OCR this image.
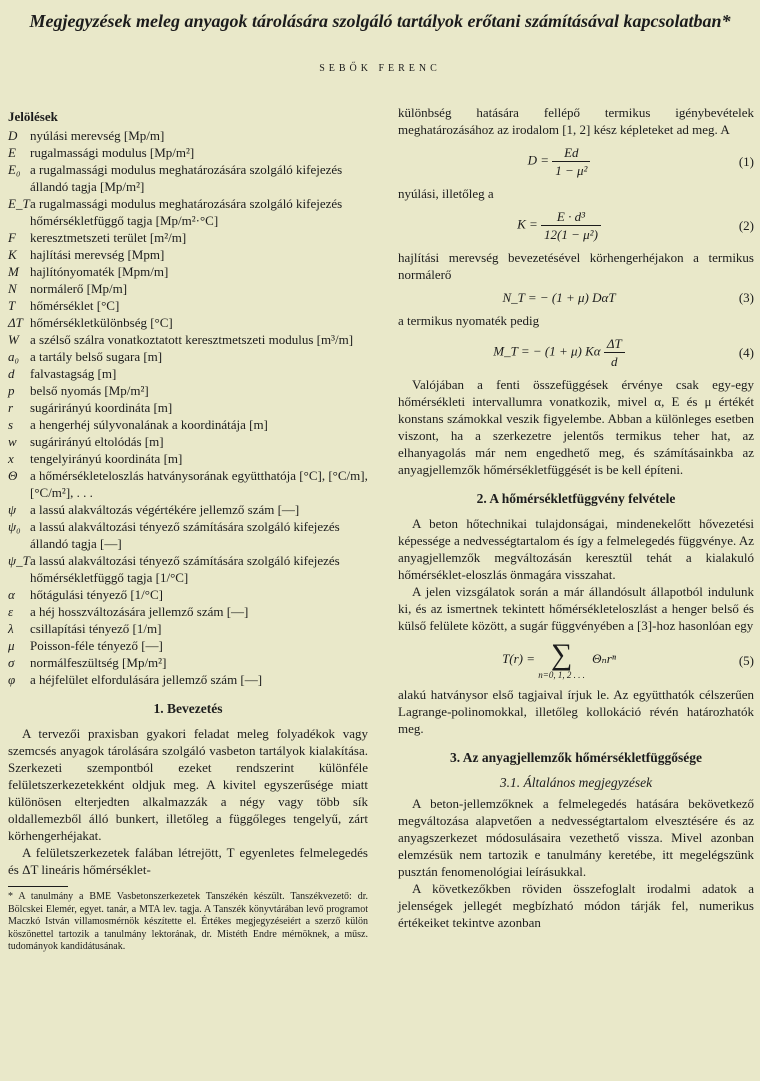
Megjegyzések meleg anyagok tárolására szolgáló tartályok erőtani számításával kapcsolatban*
SEBŐK FERENC
Jelölések
D nyúlási merevség [Mp/m]
E	rugalmassági modulus [Mp/m²]
E₀ a rugalmassági modulus meghatározására szolgáló kifejezés állandó tagja [Mp/m²]
E_T a rugalmassági modulus meghatározására szolgáló kifejezés hőmérsékletfüggő tagja [Mp/m²·°C]
F	keresztmetszeti terület [m²/m]
K	hajlítási merevség [Mpm]
M hajlítónyomaték [Mpm/m]
N	normálerő [Mp/m]
T	hőmérséklet [°C]
ΔT hőmérsékletkülönbség [°C]
W a szélső szálra vonatkoztatott keresztmetszeti modulus [m³/m]
a₀ a tartály belső sugara [m]
d	falvastagság [m]
p	belső nyomás [Mp/m²]
r	sugárirányú koordináta [m]
s	a hengerhéj súlyvonalának a koordinátája [m]
w	sugárirányú eltolódás [m]
x	tengelyirányú koordináta [m]
Θ a hőmérsékleteloszlás hatványsorának együtthatója [°C], [°C/m], [°C/m²], . . .
ψ	a lassú alakváltozás végértékére jellemző szám [—]
ψ₀ a lassú alakváltozási tényező számítására szolgáló kifejezés állandó tagja [—]
ψ_T a lassú alakváltozási tényező számítására szolgáló kifejezés hőmérsékletfüggő tagja [1/°C]
α	hőtágulási tényező [1/°C]
ε	a héj hosszváltozására jellemző szám [—]
λ	csillapítási tényező [1/m]
μ	Poisson-féle tényező [—]
σ	normálfeszültség [Mp/m²]
φ	a héjfelület elfordulására jellemző szám [—]
1. Bevezetés

A tervezői praxisban gyakori feladat meleg folyadékok vagy szemcsés anyagok tárolására szolgáló vasbeton tartályok kialakítása. Szerkezeti szempontból ezeket rendszerint különféle felületszerkezetekként oldjuk meg. A kivitel egyszerűsége miatt különösen elterjedten alkalmazzák a négy vagy több sík oldallemezből álló bunkert, illetőleg a függőleges tengelyű, zárt körhengerhéjakat.

A felületszerkezetek falában létrejött, T egyenletes felmelegedés és ΔT lineáris hőmérséklet-

* A tanulmány a BME Vasbetonszerkezetek Tanszékén készült. Tanszékvezető: dr. Bölcskei Elemér, egyet. tanár, a MTA lev. tagja. A Tanszék könyvtárában levő programot Maczkó István villamosmérnök készítette el. Értékes megjegyzéseiért a szerző külön köszönettel tartozik a tanulmány lektorának, dr. Mistéth Endre mérnöknek, a műsz. tudományok kandidátusának.

különbség hatására fellépő termikus igénybevételek meghatározásához az irodalom [1, 2] kész képleteket ad meg. A

$D = \frac{Ed}{\text{1 − μ²}}$	(1)

nyúlási, illetőleg a

$K = \frac{\text{E · d³}}{\text{12(1 − μ²)}}$	(2)

hajlítási merevség bevezetésével körhengerhéjakon a termikus normálerő

N_T = − (1 + μ) DαT	(3)

a termikus nyomaték pedig

M_T = − (1 + μ) Kα $\frac{\Delta T}{d}$	(4)

Valójában a fenti összefüggések érvénye csak egy-egy hőmérsékleti intervallumra vonatkozik, mivel α, E és μ értékét konstans számokkal veszik figyelembe. Abban a különleges esetben viszont, ha a szerkezetre jelentős termikus teher hat, az elhanyagolás már nem engedhető meg, és számításainkba az anyagjellemzők hőmérsékletfüggését is be kell építeni.

2. A hőmérsékletfüggvény felvétele

A beton hőtechnikai tulajdonságai, mindenekelőtt hővezetési képessége a nedvességtartalom és így a felmelegedés függvénye. Az anyagjellemzők megváltozásán keresztül tehát a kialakuló hőmérséklet-eloszlás önmagára visszahat.

A jelen vizsgálatok során a már állandósult állapotból indulunk ki, és az ismertnek tekintett hőmérsékleteloszlást a henger belső és külső felülete között, a sugár függvényében a [3]-hoz hasonlóan egy

T(r) = ∑
n=0, 1, 2 . . .
Θₙrⁿ	(5)

alakú hatványsor első tagjaival írjuk le. Az együtthatók célszerűen Lagrange-polinomokkal, illetőleg kollokáció révén határozhatók meg.

3. Az anyagjellemzők hőmérsékletfüggősége
3.1. Általános megjegyzések

A beton-jellemzőknek a felmelegedés hatására bekövetkező megváltozása alapvetően a nedvességtartalom elvesztésére és az anyagszerkezet módosulásaira vezethető vissza. Mivel azonban elemzésük nem tartozik e tanulmány keretébe, itt megelégszünk pusztán fenomenológiai leírásukkal.

A következőkben röviden összefoglalt irodalmi adatok a jelenségek jellegét megbízható módon tárják fel, numerikus értékeiket tekintve azonban
